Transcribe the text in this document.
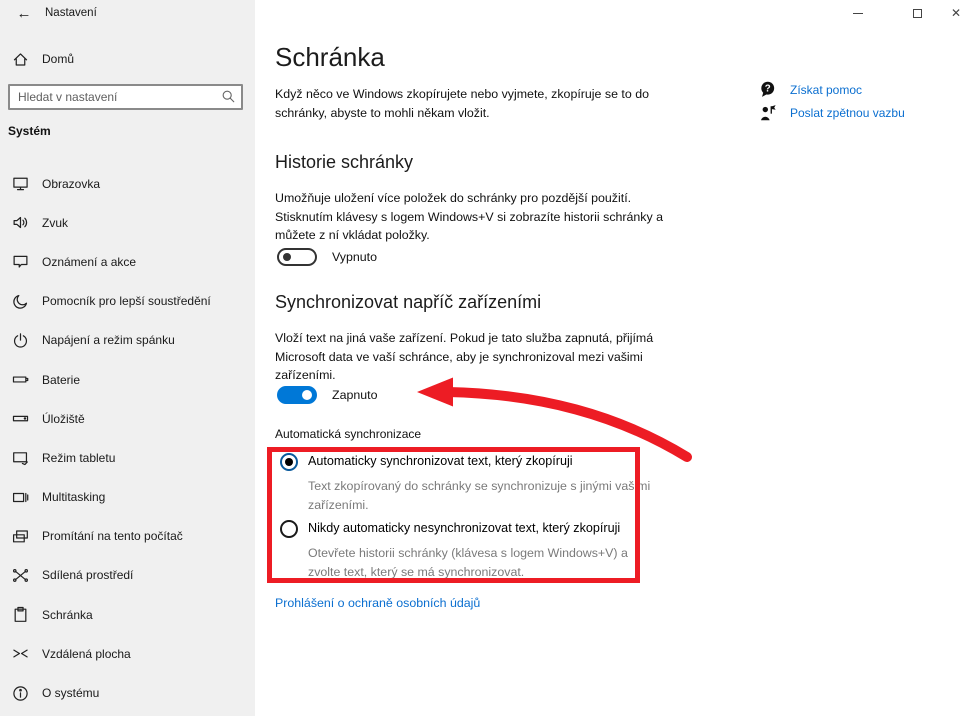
← Nastavení
Domů
Hledat v nastavení
Systém
Obrazovka
Zvuk
Oznámení a akce
Pomocník pro lepší soustředění
Napájení a režim spánku
Baterie
Úložiště
Režim tabletu
Multitasking
Promítání na tento počítač
Sdílená prostředí
Schránka
Vzdálená plocha
O systému
✕
Schránka
Když něco ve Windows zkopírujete nebo vyjmete, zkopíruje se to do schránky, abyste to mohli někam vložit.
Historie schránky
Umožňuje uložení více položek do schránky pro pozdější použití. Stisknutím klávesy s logem Windows+V si zobrazíte historii schránky a můžete z ní vkládat položky.
Vypnuto
Synchronizovat napříč zařízeními
Vloží text na jiná vaše zařízení. Pokud je tato služba zapnutá, přijímá Microsoft data ve vaší schránce, aby je synchronizoval mezi vašimi zařízeními.
Zapnuto
Automatická synchronizace
Automaticky synchronizovat text, který zkopíruji
Text zkopírovaný do schránky se synchronizuje s jinými vašimi zařízeními.
Nikdy automaticky nesynchronizovat text, který zkopíruji
Otevřete historii schránky (klávesa s logem Windows+V) a zvolte text, který se má synchronizovat.
Prohlášení o ochraně osobních údajů
? Získat pomoc
Poslat zpětnou vazbu
